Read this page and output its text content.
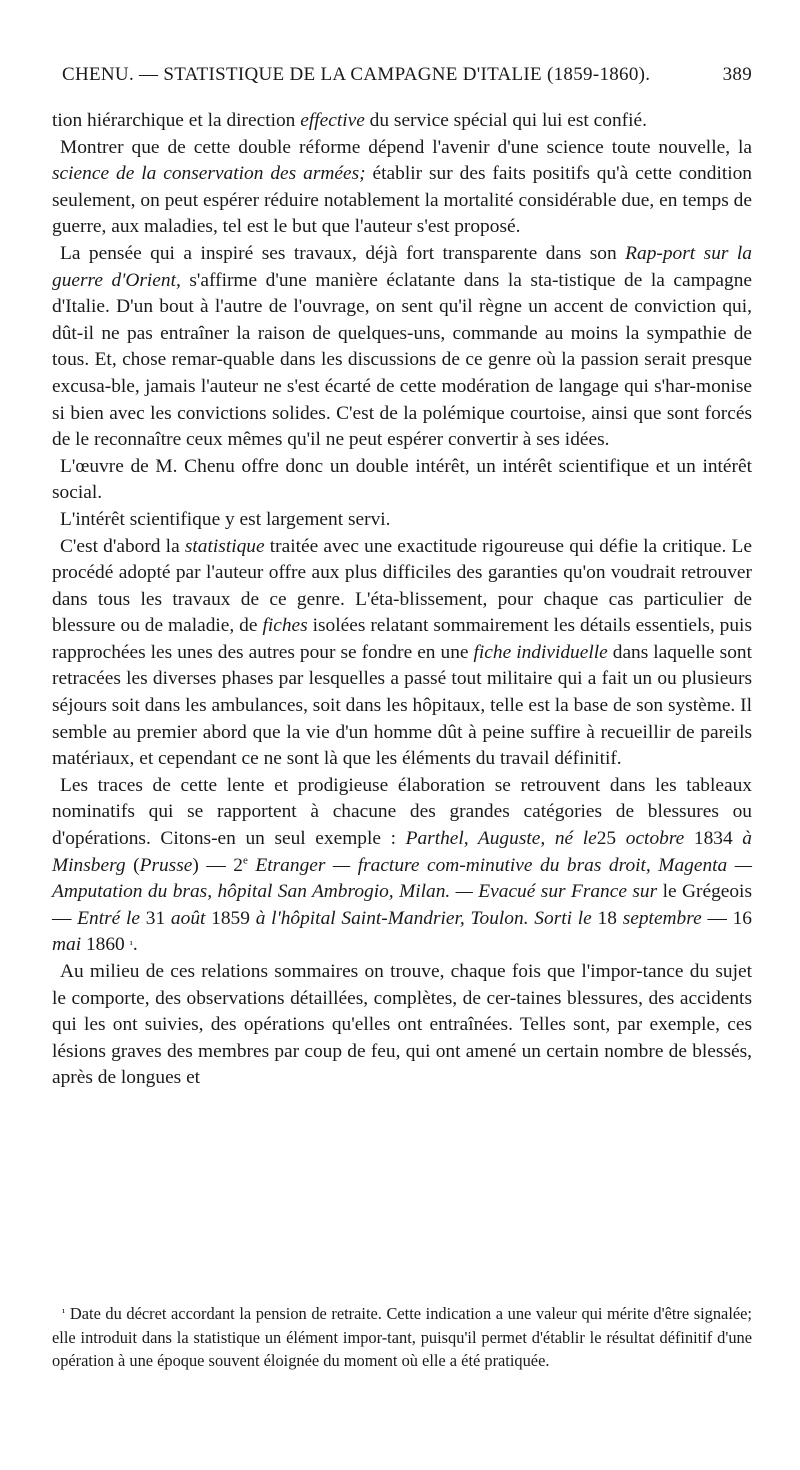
CHENU. — STATISTIQUE DE LA CAMPAGNE D'ITALIE (1859-1860).	389

tion hiérarchique et la direction effective du service spécial qui lui est confié.

Montrer que de cette double réforme dépend l'avenir d'une science toute nouvelle, la science de la conservation des armées; établir sur des faits positifs qu'à cette condition seulement, on peut espérer réduire notablement la mortalité considérable due, en temps de guerre, aux maladies, tel est le but que l'auteur s'est proposé.

La pensée qui a inspiré ses travaux, déjà fort transparente dans son Rap-port sur la guerre d'Orient, s'affirme d'une manière éclatante dans la sta-tistique de la campagne d'Italie. D'un bout à l'autre de l'ouvrage, on sent qu'il règne un accent de conviction qui, dût-il ne pas entraîner la raison de quelques-uns, commande au moins la sympathie de tous. Et, chose remar-quable dans les discussions de ce genre où la passion serait presque excusa-ble, jamais l'auteur ne s'est écarté de cette modération de langage qui s'har-monise si bien avec les convictions solides. C'est de la polémique courtoise, ainsi que sont forcés de le reconnaître ceux mêmes qu'il ne peut espérer convertir à ses idées.

L'œuvre de M. Chenu offre donc un double intérêt, un intérêt scientifique et un intérêt social.

L'intérêt scientifique y est largement servi.

C'est d'abord la statistique traitée avec une exactitude rigoureuse qui défie la critique. Le procédé adopté par l'auteur offre aux plus difficiles des garanties qu'on voudrait retrouver dans tous les travaux de ce genre. L'éta-blissement, pour chaque cas particulier de blessure ou de maladie, de fiches isolées relatant sommairement les détails essentiels, puis rapprochées les unes des autres pour se fondre en une fiche individuelle dans laquelle sont retracées les diverses phases par lesquelles a passé tout militaire qui a fait un ou plusieurs séjours soit dans les ambulances, soit dans les hôpitaux, telle est la base de son système. Il semble au premier abord que la vie d'un homme dût à peine suffire à recueillir de pareils matériaux, et cependant ce ne sont là que les éléments du travail définitif.

Les traces de cette lente et prodigieuse élaboration se retrouvent dans les tableaux nominatifs qui se rapportent à chacune des grandes catégories de blessures ou d'opérations. Citons-en un seul exemple : Parthel, Auguste, né le25 octobre 1834 à Minsberg (Prusse) — 2e Etranger — fracture com-minutive du bras droit, Magenta — Amputation du bras, hôpital San Ambrogio, Milan. — Evacué sur France sur le Grégeois — Entré le 31 août 1859 à l'hôpital Saint-Mandrier, Toulon. Sorti le 18 septembre — 16 mai 1860 $^{^1}$.

Au milieu de ces relations sommaires on trouve, chaque fois que l'impor-tance du sujet le comporte, des observations détaillées, complètes, de cer-taines blessures, des accidents qui les ont suivies, des opérations qu'elles ont entraînées. Telles sont, par exemple, ces lésions graves des membres par coup de feu, qui ont amené un certain nombre de blessés, après de longues et

$^{^1}$ Date du décret accordant la pension de retraite. Cette indication a une valeur qui mérite d'être signalée; elle introduit dans la statistique un élément impor-tant, puisqu'il permet d'établir le résultat définitif d'une opération à une époque souvent éloignée du moment où elle a été pratiquée.
